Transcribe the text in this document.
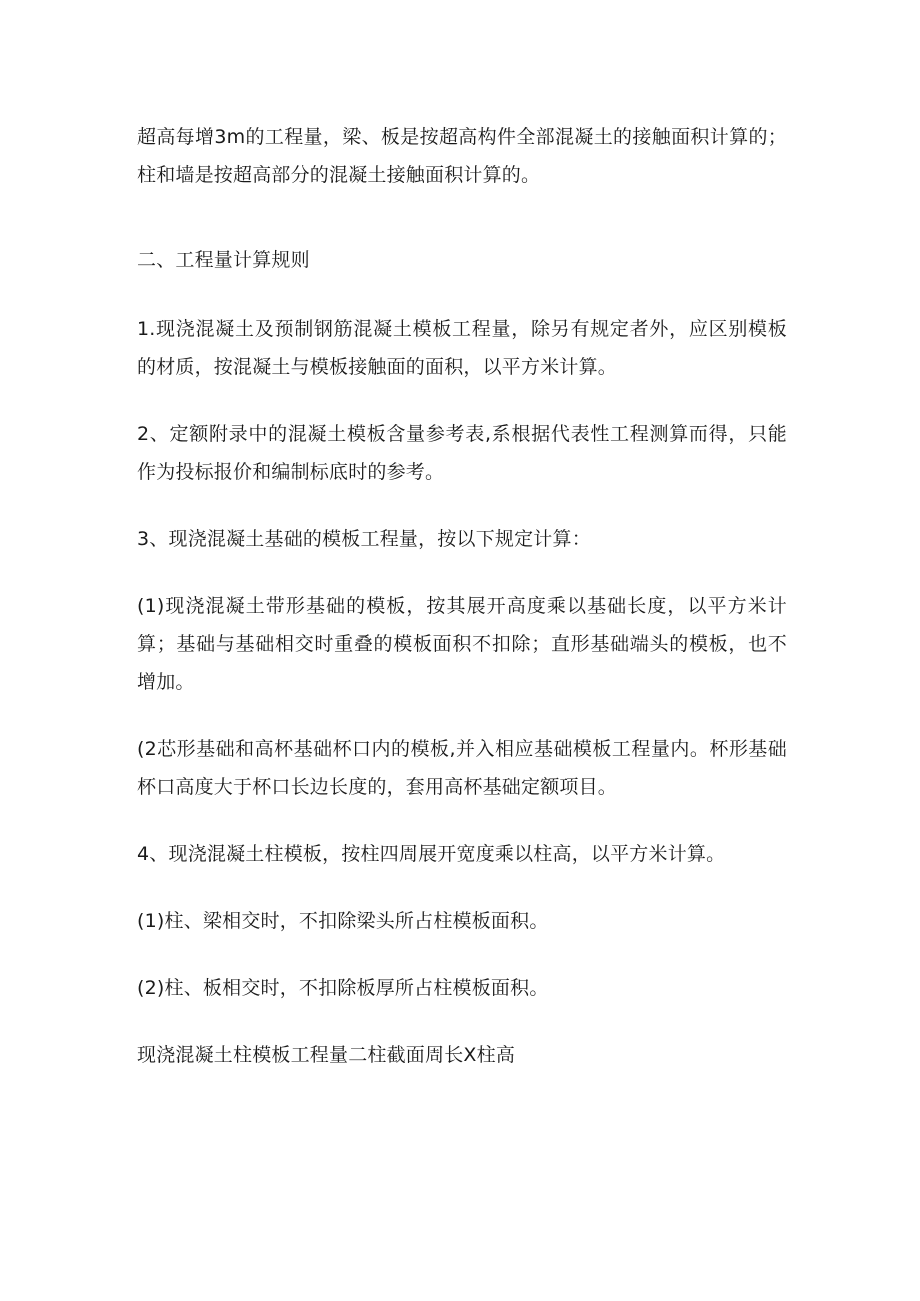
超高每增3m的工程量，梁、板是按超高构件全部混凝土的接触面积计算的；柱和墙是按超高部分的混凝土接触面积计算的。

二、工程量计算规则

1.现浇混凝土及预制钢筋混凝土模板工程量，除另有规定者外，应区别模板的材质，按混凝土与模板接触面的面积，以平方米计算。

2、定额附录中的混凝土模板含量参考表,系根据代表性工程测算而得，只能作为投标报价和编制标底时的参考。

3、现浇混凝土基础的模板工程量，按以下规定计算：

(1)现浇混凝土带形基础的模板，按其展开高度乘以基础长度，以平方米计算；基础与基础相交时重叠的模板面积不扣除；直形基础端头的模板，也不增加。

(2芯形基础和高杯基础杯口内的模板,并入相应基础模板工程量内。杯形基础杯口高度大于杯口长边长度的，套用高杯基础定额项目。

4、现浇混凝土柱模板，按柱四周展开宽度乘以柱高，以平方米计算。

(1)柱、梁相交时，不扣除梁头所占柱模板面积。

(2)柱、板相交时，不扣除板厚所占柱模板面积。

现浇混凝土柱模板工程量二柱截面周长X柱高
